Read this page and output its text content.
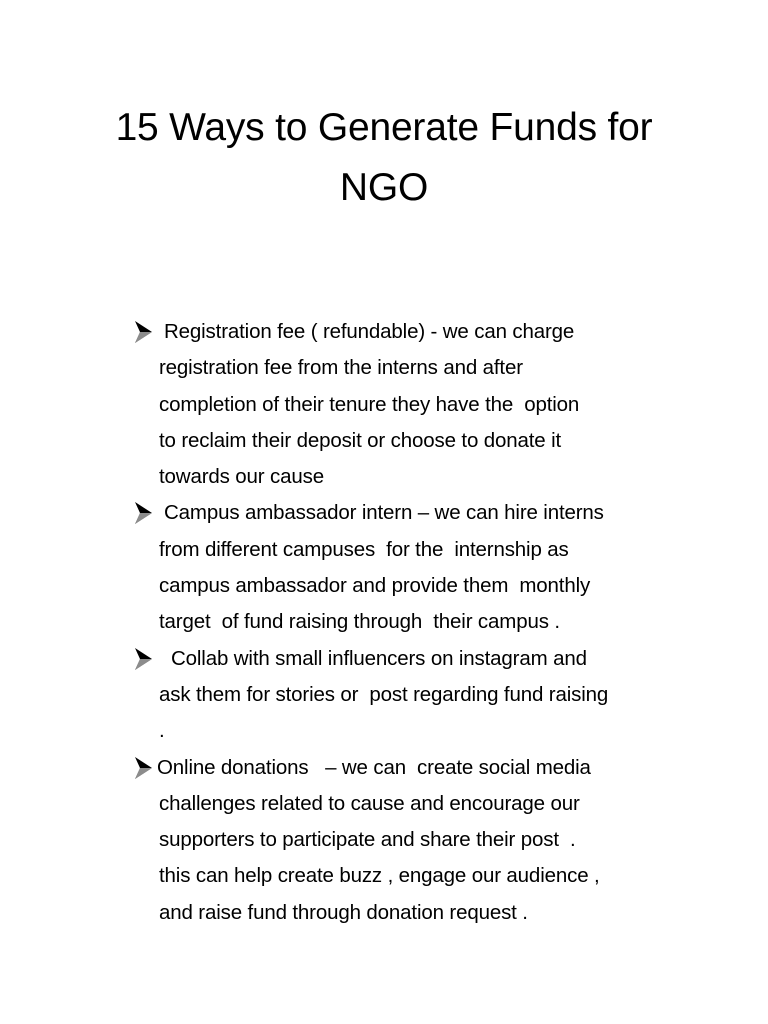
15 Ways to Generate Funds for
NGO
Registration fee ( refundable) - we can charge
registration fee from the interns and after
completion of their tenure they have the  option
to reclaim their deposit or choose to donate it
towards our cause
Campus ambassador intern – we can hire interns
from different campuses  for the  internship as
campus ambassador and provide them  monthly
target  of fund raising through  their campus .
Collab with small influencers on instagram and
ask them for stories or  post regarding fund raising
.
Online donations   – we can  create social media
challenges related to cause and encourage our
supporters to participate and share their post  .
this can help create buzz , engage our audience ,
and raise fund through donation request .
